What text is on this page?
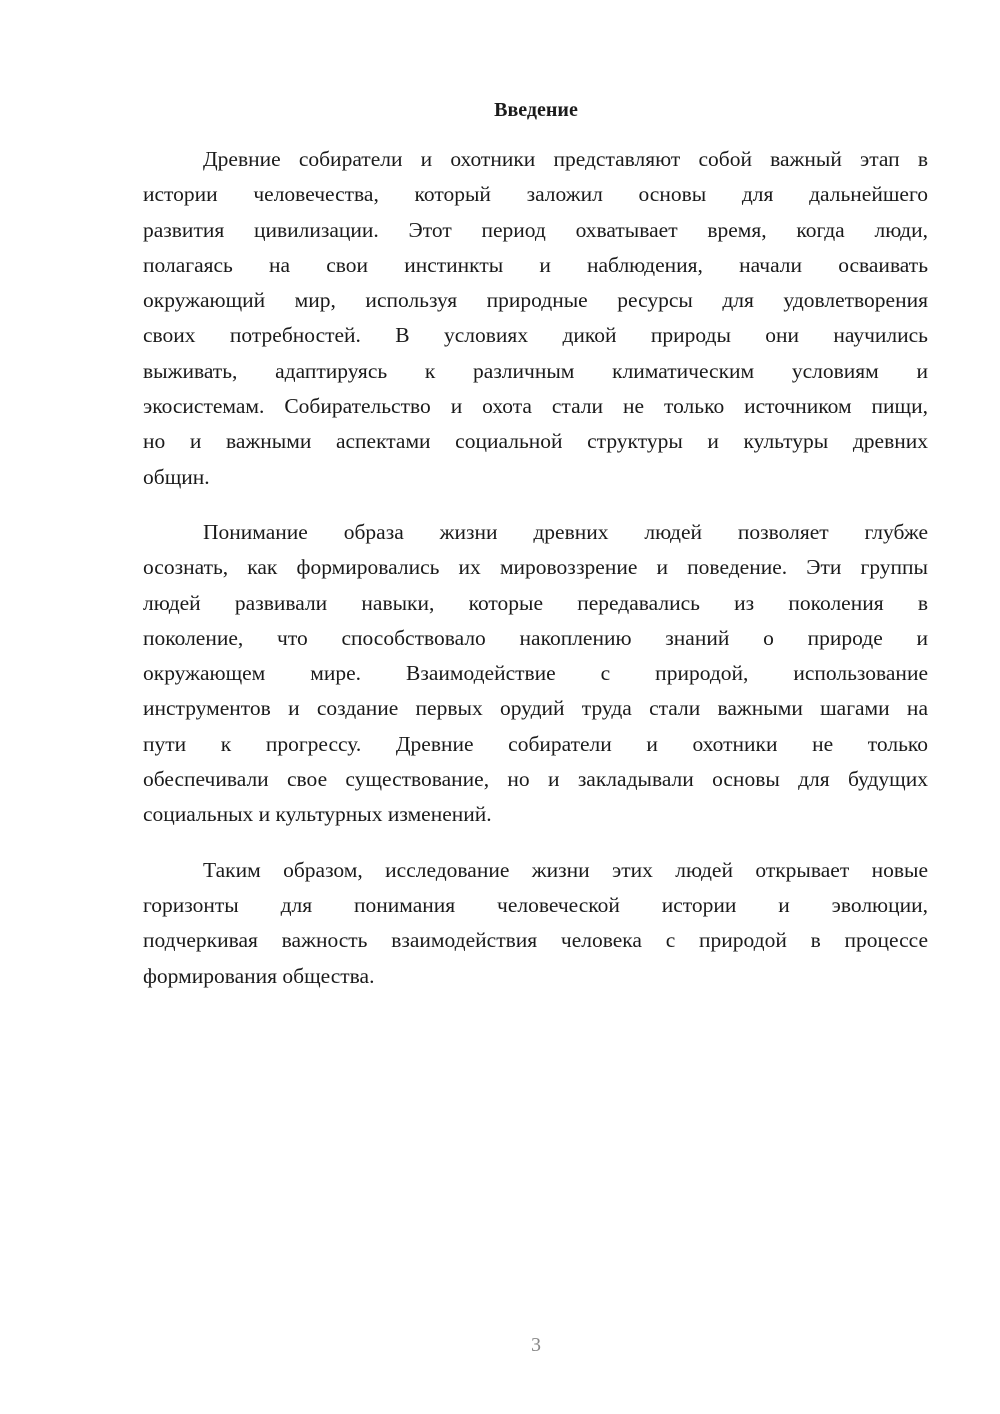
Введение
Древние собиратели и охотники представляют собой важный этап в
истории человечества, который заложил основы для дальнейшего
развития цивилизации. Этот период охватывает время, когда люди,
полагаясь на свои инстинкты и наблюдения, начали осваивать
окружающий мир, используя природные ресурсы для удовлетворения
своих потребностей. В условиях дикой природы они научились
выживать, адаптируясь к различным климатическим условиям и
экосистемам. Собирательство и охота стали не только источником пищи,
но и важными аспектами социальной структуры и культуры древних
общин.
Понимание образа жизни древних людей позволяет глубже
осознать, как формировались их мировоззрение и поведение. Эти группы
людей развивали навыки, которые передавались из поколения в
поколение, что способствовало накоплению знаний о природе и
окружающем мире. Взаимодействие с природой, использование
инструментов и создание первых орудий труда стали важными шагами на
пути к прогрессу. Древние собиратели и охотники не только
обеспечивали свое существование, но и закладывали основы для будущих
социальных и культурных изменений.
Таким образом, исследование жизни этих людей открывает новые
горизонты для понимания человеческой истории и эволюции,
подчеркивая важность взаимодействия человека с природой в процессе
формирования общества.
3
